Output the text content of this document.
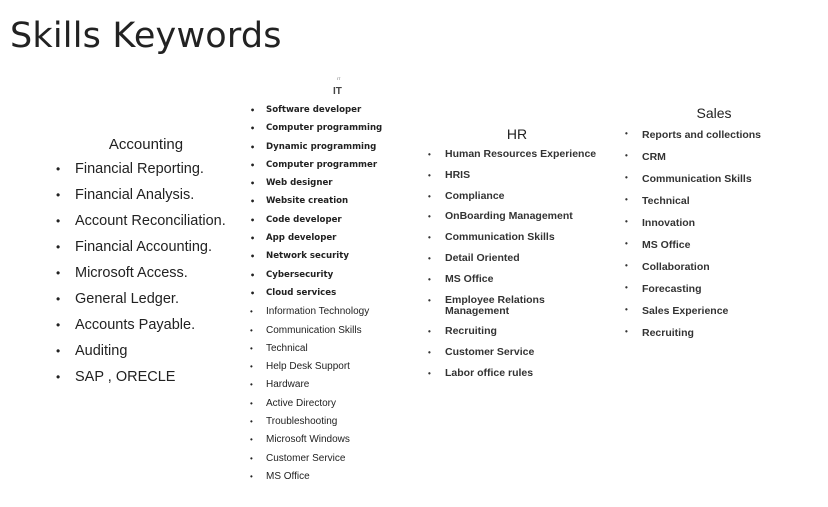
Skills Keywords
Accounting
• Financial Reporting.
• Financial Analysis.
• Account Reconciliation.
• Financial Accounting.
• Microsoft Access.
• General Ledger.
• Accounts Payable.
• Auditing
• SAP , ORECLE
IT
IT
• Software developer
• Computer programming
• Dynamic programming
• Computer programmer
• Web designer
• Website creation
• Code developer
• App developer
• Network security
• Cybersecurity
• Cloud services
• Information Technology
• Communication Skills
• Technical
• Help Desk Support
• Hardware
• Active Directory
• Troubleshooting
• Microsoft Windows
• Customer Service
• MS Office
HR
• Human Resources Experience
• HRIS
• Compliance
• OnBoarding Management
• Communication Skills
• Detail Oriented
• MS Office
• Employee Relations Management
• Recruiting
• Customer Service
• Labor office rules
Sales
• Reports and collections
• CRM
• Communication Skills
• Technical
• Innovation
• MS Office
• Collaboration
• Forecasting
• Sales Experience
• Recruiting
